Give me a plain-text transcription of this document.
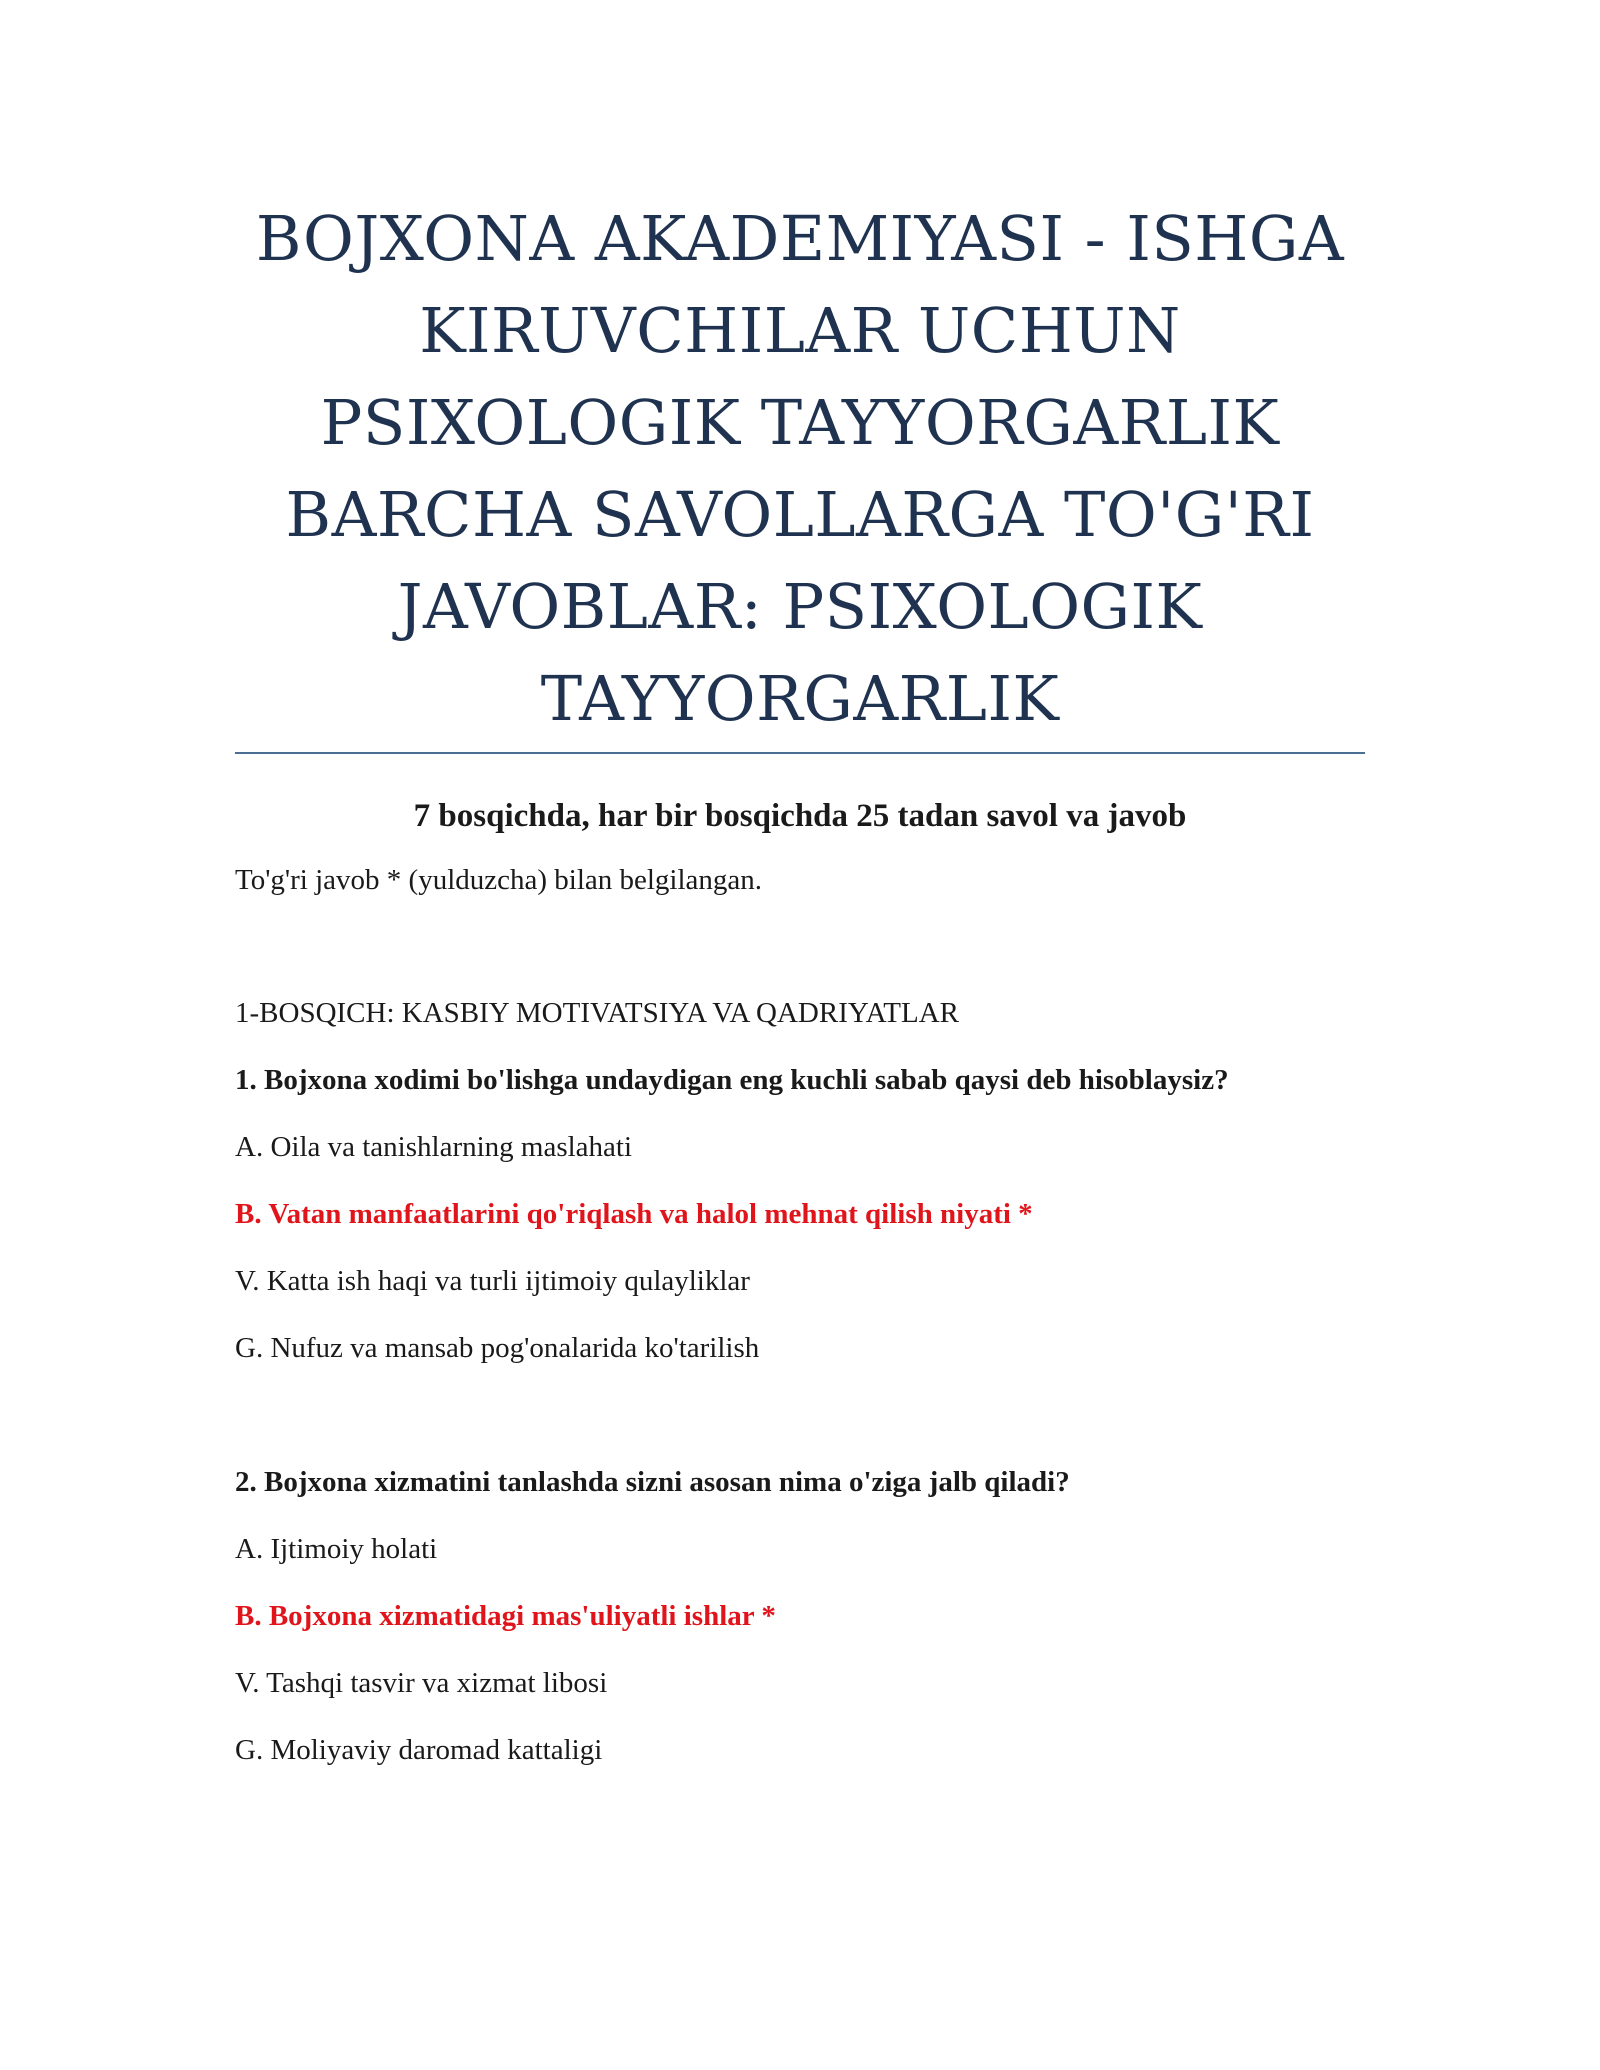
BOJXONA AKADEMIYASI - ISHGA
KIRUVCHILAR UCHUN
PSIXOLOGIK TAYYORGARLIK
BARCHA SAVOLLARGA TO'G'RI
JAVOBLAR: PSIXOLOGIK
TAYYORGARLIK
7 bosqichda, har bir bosqichda 25 tadan savol va javob
To'g'ri javob * (yulduzcha) bilan belgilangan.
1-BOSQICH: KASBIY MOTIVATSIYA VA QADRIYATLAR
1. Bojxona xodimi bo'lishga undaydigan eng kuchli sabab qaysi deb hisoblaysiz?
A. Oila va tanishlarning maslahati
B. Vatan manfaatlarini qo'riqlash va halol mehnat qilish niyati *
V. Katta ish haqi va turli ijtimoiy qulayliklar
G. Nufuz va mansab pog'onalarida ko'tarilish
2. Bojxona xizmatini tanlashda sizni asosan nima o'ziga jalb qiladi?
A. Ijtimoiy holati
B. Bojxona xizmatidagi mas'uliyatli ishlar *
V. Tashqi tasvir va xizmat libosi
G. Moliyaviy daromad kattaligi
